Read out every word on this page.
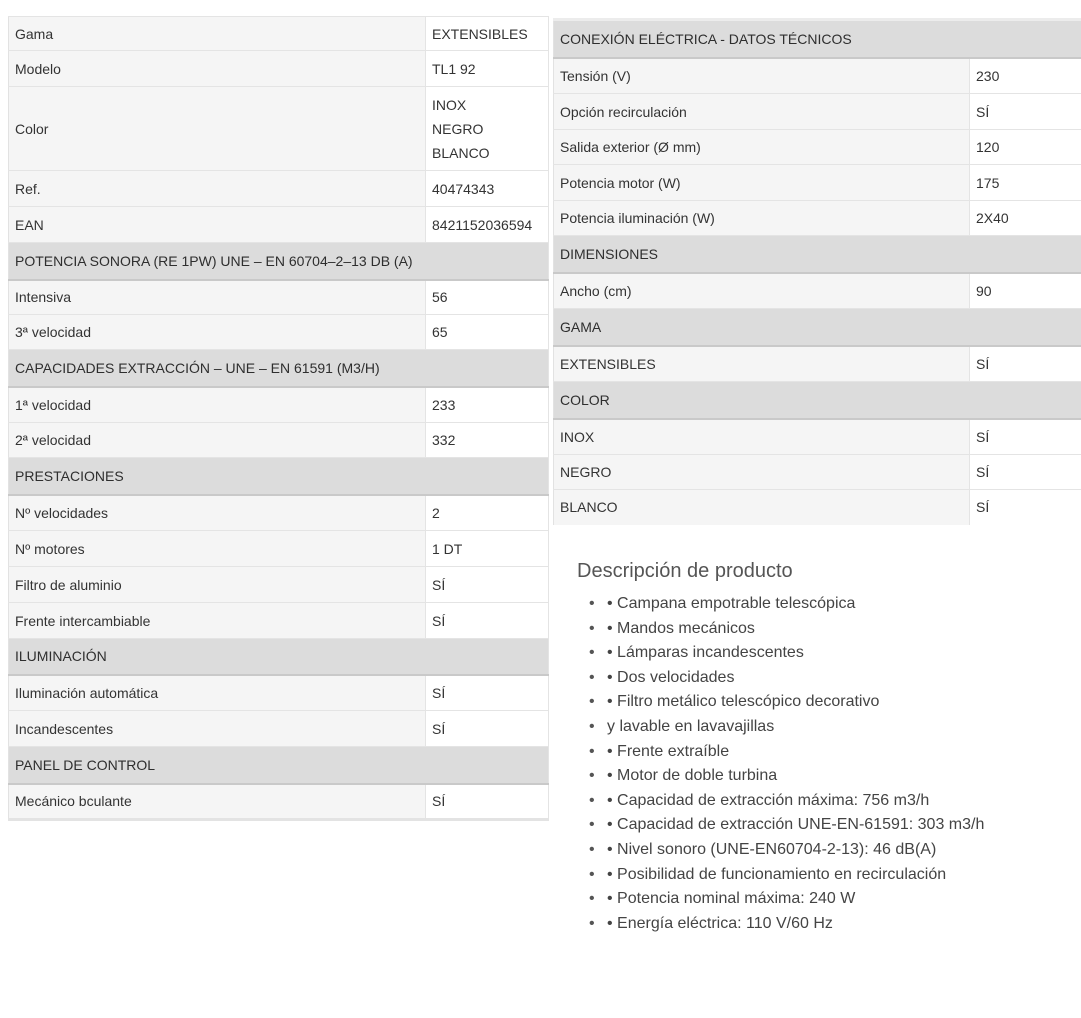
Gama	EXTENSIBLES
Modelo	TL1 92
Color	INOX
NEGRO
BLANCO
Ref.	40474343
EAN	8421152036594
POTENCIA SONORA (RE 1PW) UNE – EN 60704–2–13 DB (A)	
Intensiva	56
3ª velocidad	65
CAPACIDADES EXTRACCIÓN – UNE – EN 61591 (M3/H)	
1ª velocidad	233
2ª velocidad	332
PRESTACIONES	
Nº velocidades	2
Nº motores	1 DT
Filtro de aluminio	SÍ
Frente intercambiable	SÍ
ILUMINACIÓN	
Iluminación automática	SÍ
Incandescentes	SÍ
PANEL DE CONTROL	
Mecánico bculante	SÍ
CONEXIÓN ELÉCTRICA - DATOS TÉCNICOS	
Tensión (V)	230
Opción recirculación	SÍ
Salida exterior (Ø mm)	120
Potencia motor (W)	175
Potencia iluminación (W)	2X40
DIMENSIONES	
Ancho (cm)	90
GAMA	
EXTENSIBLES	SÍ
COLOR	
INOX	SÍ
NEGRO	SÍ
BLANCO	SÍ
Descripción de producto
• • Campana empotrable telescópica
• • Mandos mecánicos
• • Lámparas incandescentes
• • Dos velocidades
• • Filtro metálico telescópico decorativo
• y lavable en lavavajillas
• • Frente extraíble
• • Motor de doble turbina
• • Capacidad de extracción máxima: 756 m3/h
• • Capacidad de extracción UNE-EN-61591: 303 m3/h
• • Nivel sonoro (UNE-EN60704-2-13): 46 dB(A)
• • Posibilidad de funcionamiento en recirculación
• • Potencia nominal máxima: 240 W
• • Energía eléctrica: 110 V/60 Hz
